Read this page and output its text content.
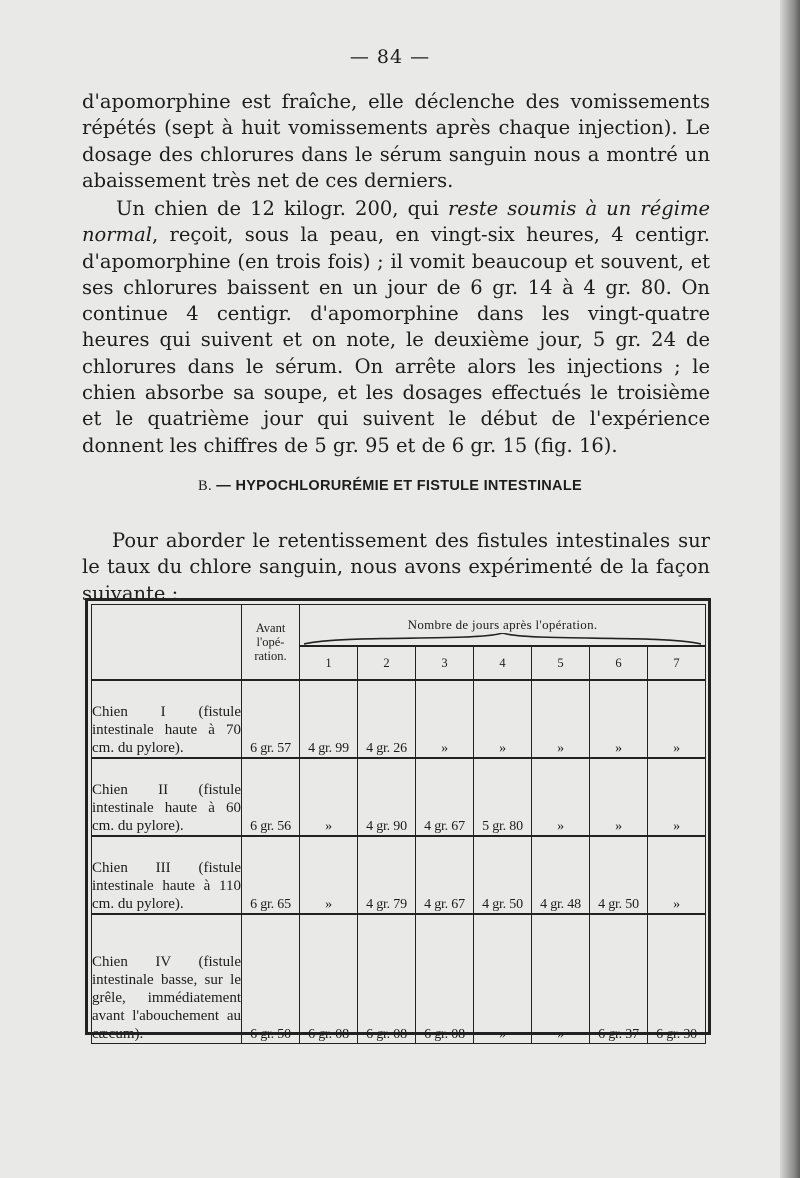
— 84 —

d'apomorphine est fraîche, elle déclenche des vomissements répétés (sept à huit vomissements après chaque injection). Le dosage des chlorures dans le sérum sanguin nous a montré un abaissement très net de ces derniers.

Un chien de 12 kilogr. 200, qui reste soumis à un régime normal, reçoit, sous la peau, en vingt-six heures, 4 centigr. d'apomorphine (en trois fois) ; il vomit beaucoup et souvent, et ses chlorures baissent en un jour de 6 gr. 14 à 4 gr. 80. On continue 4 centigr. d'apomorphine dans les vingt-quatre heures qui suivent et on note, le deuxième jour, 5 gr. 24 de chlorures dans le sérum. On arrête alors les injections ; le chien absorbe sa soupe, et les dosages effectués le troisième et le quatrième jour qui suivent le début de l'expérience donnent les chiffres de 5 gr. 95 et de 6 gr. 15 (fig. 16).

B. — HYPOCHLORURÉMIE ET FISTULE INTESTINALE

Pour aborder le retentissement des fistules intestinales sur le taux du chlore sanguin, nous avons expérimenté de la façon suivante :

	Avant l'opé-ration.	Nombre de jours après l'opération.						

		1	2	3	4	5	6	7
Chien I (fistule intestinale haute à 70 cm. du pylore).	6 gr. 57	4 gr. 99	4 gr. 26	»	»	»	»	»
Chien II (fistule intestinale haute à 60 cm. du pylore).	6 gr. 56	»	4 gr. 90	4 gr. 67	5 gr. 80	»	»	»
Chien III (fistule intestinale haute à 110 cm. du pylore).	6 gr. 65	»	4 gr. 79	4 gr. 67	4 gr. 50	4 gr. 48	4 gr. 50	»
Chien IV (fistule intestinale basse, sur le grêle, immédiatement avant l'abouchement au cæcum).	6 gr. 50	6 gr. 08	6 gr. 08	6 gr. 08	»	»	6 gr. 37	6 gr. 30
